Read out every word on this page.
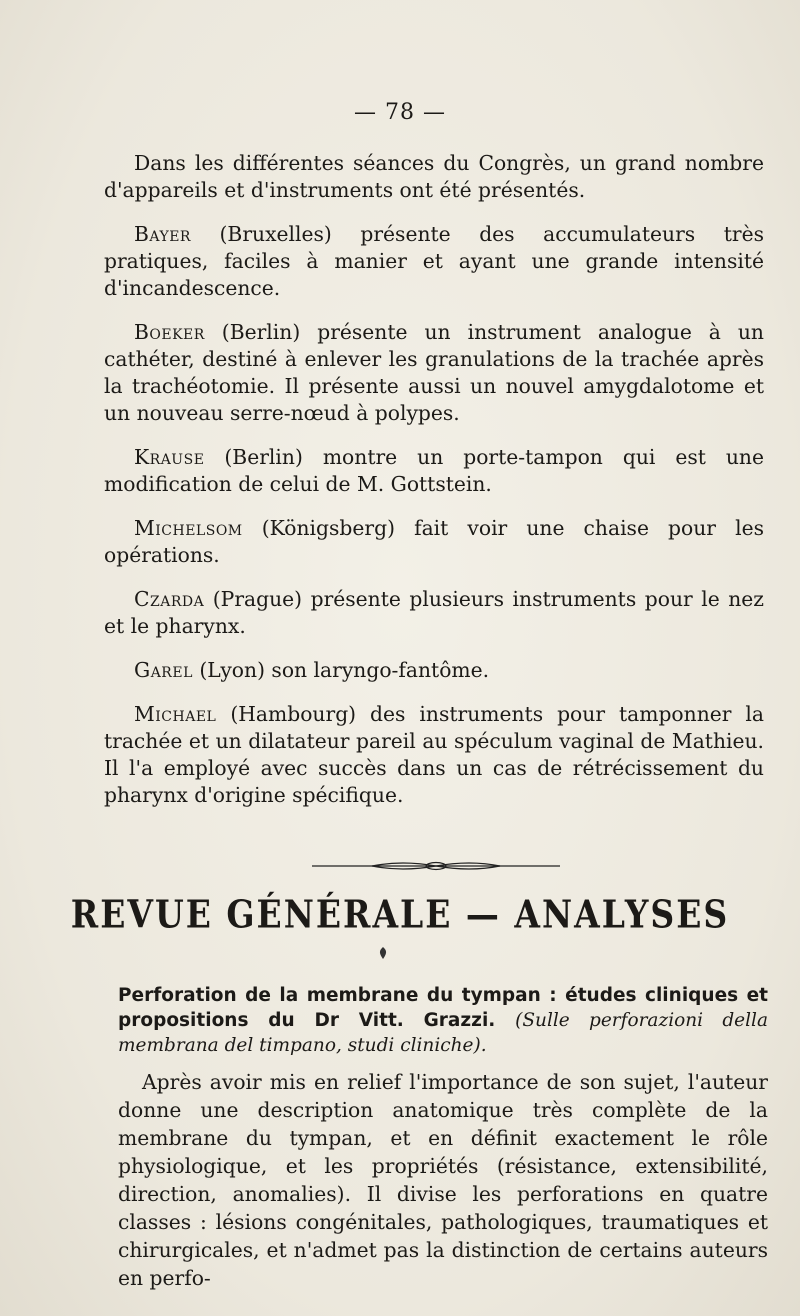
— 78 —

Dans les différentes séances du Congrès, un grand nombre d'appareils et d'instruments ont été présentés.

Bayer (Bruxelles) présente des accumulateurs très pratiques, faciles à manier et ayant une grande intensité d'incandescence.

Boeker (Berlin) présente un instrument analogue à un cathéter, destiné à enlever les granulations de la trachée après la trachéotomie. Il présente aussi un nouvel amygdalotome et un nouveau serre-nœud à polypes.

Krause (Berlin) montre un porte-tampon qui est une modification de celui de M. Gottstein.

Michelsom (Königsberg) fait voir une chaise pour les opérations.

Czarda (Prague) présente plusieurs instruments pour le nez et le pharynx.

Garel (Lyon) son laryngo-fantôme.

Michael (Hambourg) des instruments pour tamponner la trachée et un dilatateur pareil au spéculum vaginal de Mathieu. Il l'a employé avec succès dans un cas de rétrécissement du pharynx d'origine spécifique.

REVUE GÉNÉRALE — ANALYSES
Perforation de la membrane du tympan : études cliniques et propositions du Dr Vitt. Grazzi. (Sulle perforazioni della membrana del timpano, studi cliniche).

Après avoir mis en relief l'importance de son sujet, l'auteur donne une description anatomique très complète de la membrane du tympan, et en définit exactement le rôle physiologique, et les propriétés (résistance, extensibilité, direction, anomalies). Il divise les perforations en quatre classes : lésions congénitales, pathologiques, traumatiques et chirurgicales, et n'admet pas la distinction de certains auteurs en perfo-
